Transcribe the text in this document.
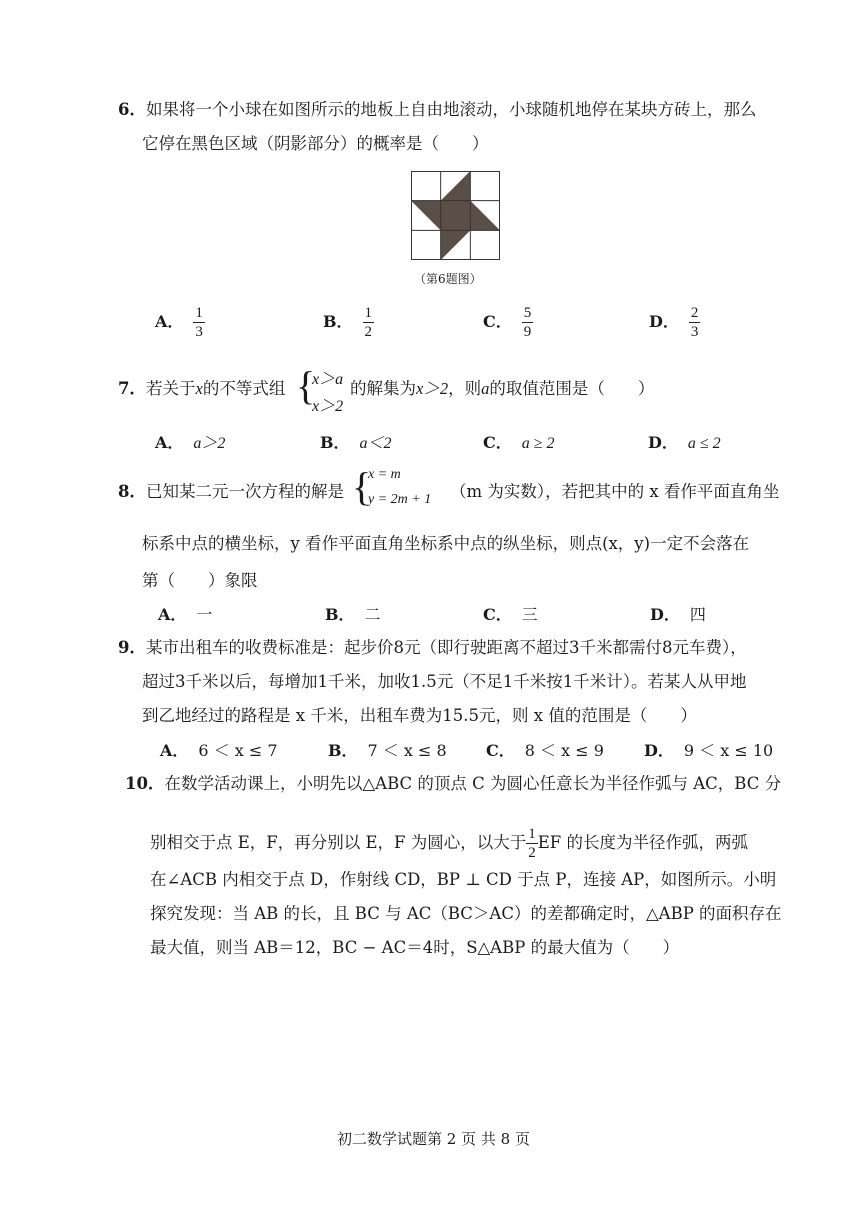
6．如果将一个小球在如图所示的地板上自由地滚动，小球随机地停在某块方砖上，那么
它停在黑色区域（阴影部分）的概率是（　　）
（第6题图）
A． $\frac{1}{3}$	B． $\frac{1}{2}$	C． $\frac{5}{9}$	D． $\frac{2}{3}$
7．若关于x的不等式组 {
x＞a
x＞2
的解集为x＞2，则a的取值范围是（　　）
A． a＞2	B． a＜2	C． a ≥ 2	D． a ≤ 2
8．已知某二元一次方程的解是 {
x = m
y = 2m + 1 （m 为实数），若把其中的 x 看作平面直角坐
标系中点的横坐标，y 看作平面直角坐标系中点的纵坐标，则点(x，y)一定不会落在
第（　　）象限
A． 一	B． 二	C． 三	D． 四
9．某市出租车的收费标准是：起步价8元（即行驶距离不超过3千米都需付8元车费），
超过3千米以后，每增加1千米，加收1.5元（不足1千米按1千米计）。若某人从甲地
到乙地经过的路程是 x 千米，出租车费为15.5元，则 x 值的范围是（　　）
A． 6 ＜ x ≤ 7	B． 7 ＜ x ≤ 8 C． 8 ＜ x ≤ 9	D． 9 ＜ x ≤ 10
10．在数学活动课上，小明先以△ABC 的顶点 C 为圆心任意长为半径作弧与 AC，BC 分
别相交于点 E，F，再分别以 E，F 为圆心，以大于 $\frac{1}{2}$ EF 的长度为半径作弧，两弧
在∠ACB 内相交于点 D，作射线 CD，BP ⊥ CD 于点 P，连接 AP，如图所示。小明
探究发现：当 AB 的长，且 BC 与 AC（BC＞AC）的差都确定时，△ABP 的面积存在
最大值，则当 AB＝12，BC − AC＝4时，S△ABP 的最大值为（　　）
初二数学试题第 2 页 共 8 页
